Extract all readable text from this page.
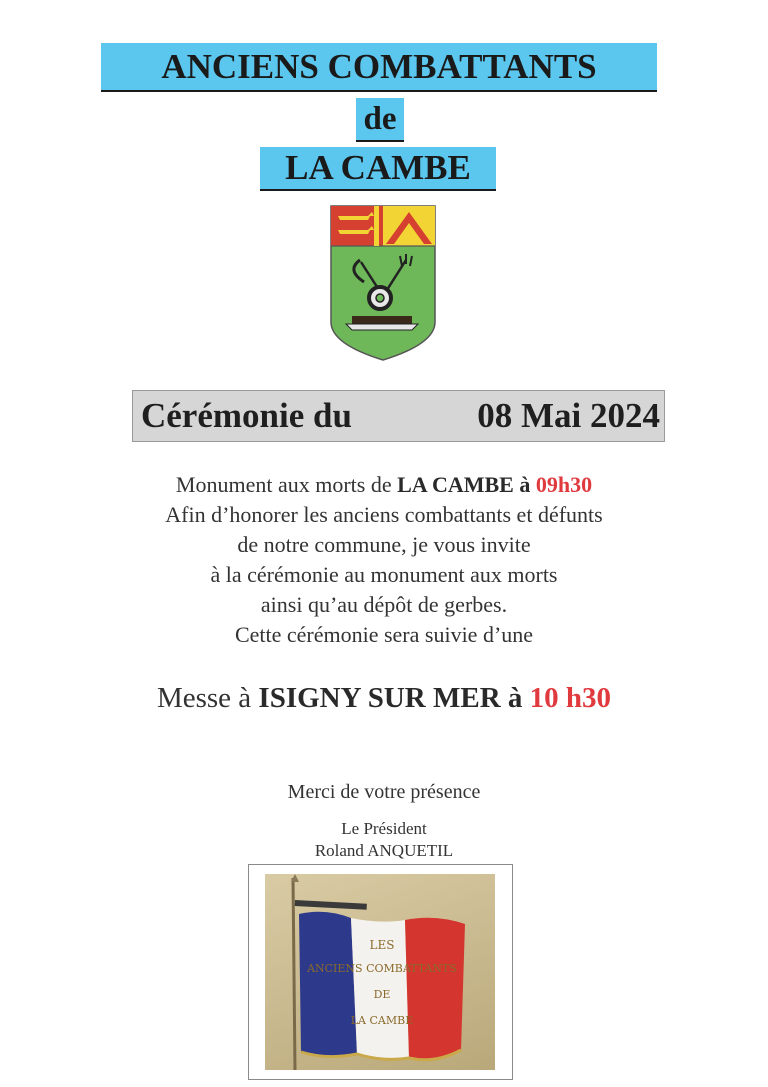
ANCIENS COMBATTANTS
de
LA CAMBE
Cérémonie du	08 Mai 2024
Monument aux morts de LA CAMBE à 09h30
Afin d’honorer les anciens combattants et défunts
de notre commune, je vous invite
à la cérémonie au monument aux morts
ainsi qu’au dépôt de gerbes.
Cette cérémonie sera suivie d’une
Messe à ISIGNY SUR MER à 10 h30
Merci de votre présence
Le Président
Roland ANQUETIL
LES
ANCIENS COMBATTANTS
DE
LA CAMBE
